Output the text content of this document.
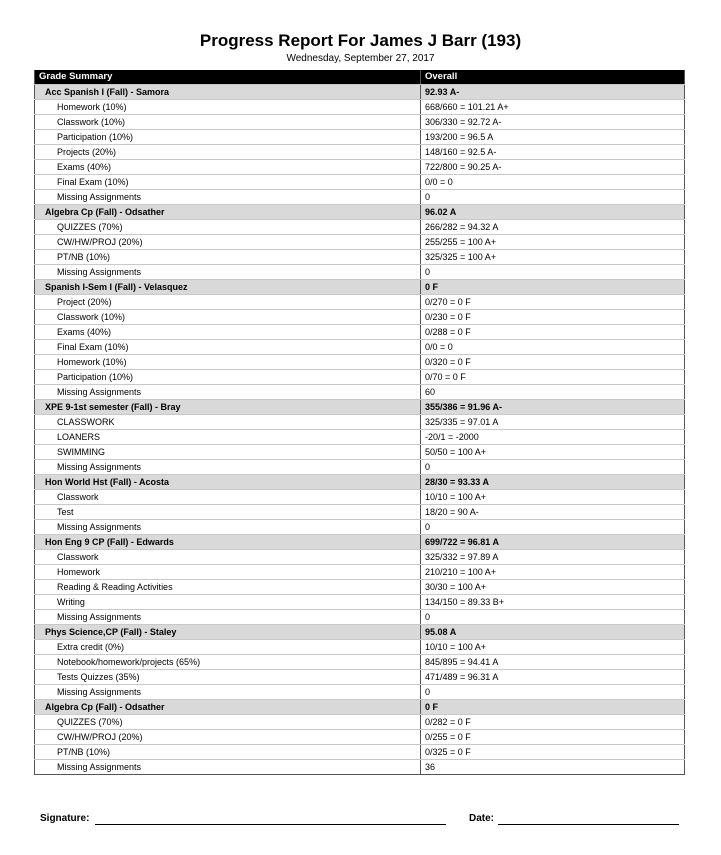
Progress Report For James J Barr (193)
Wednesday, September 27, 2017
Grade Summary	Overall
Acc Spanish I (Fall) - Samora	92.93 A-
Homework (10%)	668/660 = 101.21 A+
Classwork (10%)	306/330 = 92.72 A-
Participation (10%)	193/200 = 96.5 A
Projects (20%)	148/160 = 92.5 A-
Exams (40%)	722/800 = 90.25 A-
Final Exam (10%)	0/0 = 0
Missing Assignments	0
Algebra Cp (Fall) - Odsather	96.02 A
QUIZZES (70%)	266/282 = 94.32 A
CW/HW/PROJ (20%)	255/255 = 100 A+
PT/NB (10%)	325/325 = 100 A+
Missing Assignments	0
Spanish I-Sem I (Fall) - Velasquez	0 F
Project (20%)	0/270 = 0 F
Classwork (10%)	0/230 = 0 F
Exams (40%)	0/288 = 0 F
Final Exam (10%)	0/0 = 0
Homework (10%)	0/320 = 0 F
Participation (10%)	0/70 = 0 F
Missing Assignments	60
XPE 9-1st semester (Fall) - Bray	355/386 = 91.96 A-
CLASSWORK	325/335 = 97.01 A
LOANERS	-20/1 = -2000
SWIMMING	50/50 = 100 A+
Missing Assignments	0
Hon World Hst (Fall) - Acosta	28/30 = 93.33 A
Classwork	10/10 = 100 A+
Test	18/20 = 90 A-
Missing Assignments	0
Hon Eng 9 CP (Fall) - Edwards	699/722 = 96.81 A
Classwork	325/332 = 97.89 A
Homework	210/210 = 100 A+
Reading & Reading Activities	30/30 = 100 A+
Writing	134/150 = 89.33 B+
Missing Assignments	0
Phys Science,CP (Fall) - Staley	95.08 A
Extra credit (0%)	10/10 = 100 A+
Notebook/homework/projects (65%)	845/895 = 94.41 A
Tests Quizzes (35%)	471/489 = 96.31 A
Missing Assignments	0
Algebra Cp (Fall) - Odsather	0 F
QUIZZES (70%)	0/282 = 0 F
CW/HW/PROJ (20%)	0/255 = 0 F
PT/NB (10%)	0/325 = 0 F
Missing Assignments	36
Signature:	Date:
